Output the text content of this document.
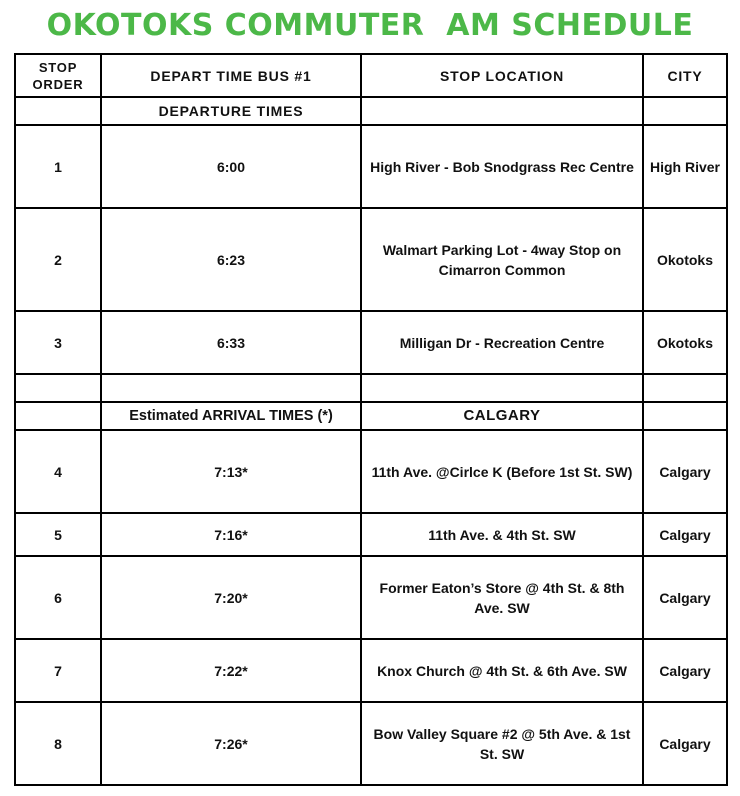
OKOTOKS COMMUTER  AM SCHEDULE
STOP ORDER	DEPART TIME BUS #1	STOP LOCATION	CITY
	DEPARTURE TIMES		
1	6:00	High River - Bob Snodgrass Rec Centre	High River
2	6:23	Walmart Parking Lot - 4way Stop on Cimarron Common	Okotoks
3	6:33	Milligan Dr - Recreation Centre	Okotoks

	Estimated ARRIVAL TIMES (*)	CALGARY	
4	7:13*	11th Ave. @Cirlce K (Before 1st St. SW)	Calgary
5	7:16*	11th Ave. & 4th St. SW	Calgary
6	7:20*	Former Eaton’s Store @ 4th St. & 8th Ave. SW	Calgary
7	7:22*	Knox Church @ 4th St. & 6th Ave. SW	Calgary
8	7:26*	Bow Valley Square #2 @ 5th Ave. & 1st St. SW	Calgary
